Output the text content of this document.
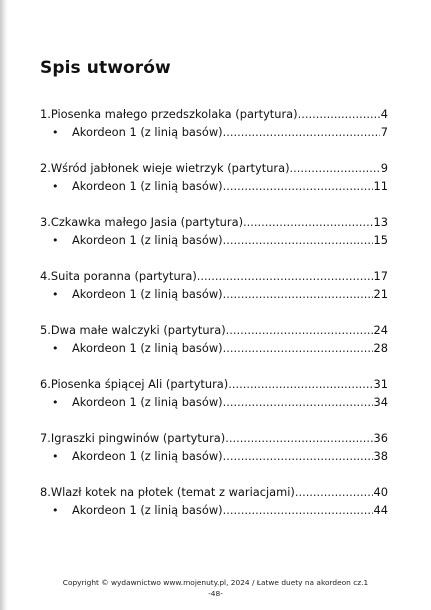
Spis utworów
1.Piosenka małego przedszkolaka (partytura) .....	4
•	Akordeon 1 (z linią basów) .....	7
2.Wśród jabłonek wieje wietrzyk (partytura) .....	9
•	Akordeon 1 (z linią basów) .....	11
3.Czkawka małego Jasia (partytura) .....	13
•	Akordeon 1 (z linią basów) .....	15
4.Suita poranna (partytura) .....	17
•	Akordeon 1 (z linią basów) .....	21
5.Dwa małe walczyki (partytura) .....	24
•	Akordeon 1 (z linią basów) .....	28
6.Piosenka śpiącej Ali (partytura) .....	31
•	Akordeon 1 (z linią basów) .....	34
7.Igraszki pingwinów (partytura) .....	36
•	Akordeon 1 (z linią basów) .....	38
8.Wlazł kotek na płotek (temat z wariacjami) .....	40
•	Akordeon 1 (z linią basów) .....	44
Copyright © wydawnictwo www.mojenuty.pl, 2024 / Łatwe duety na akordeon cz.1
-48-
